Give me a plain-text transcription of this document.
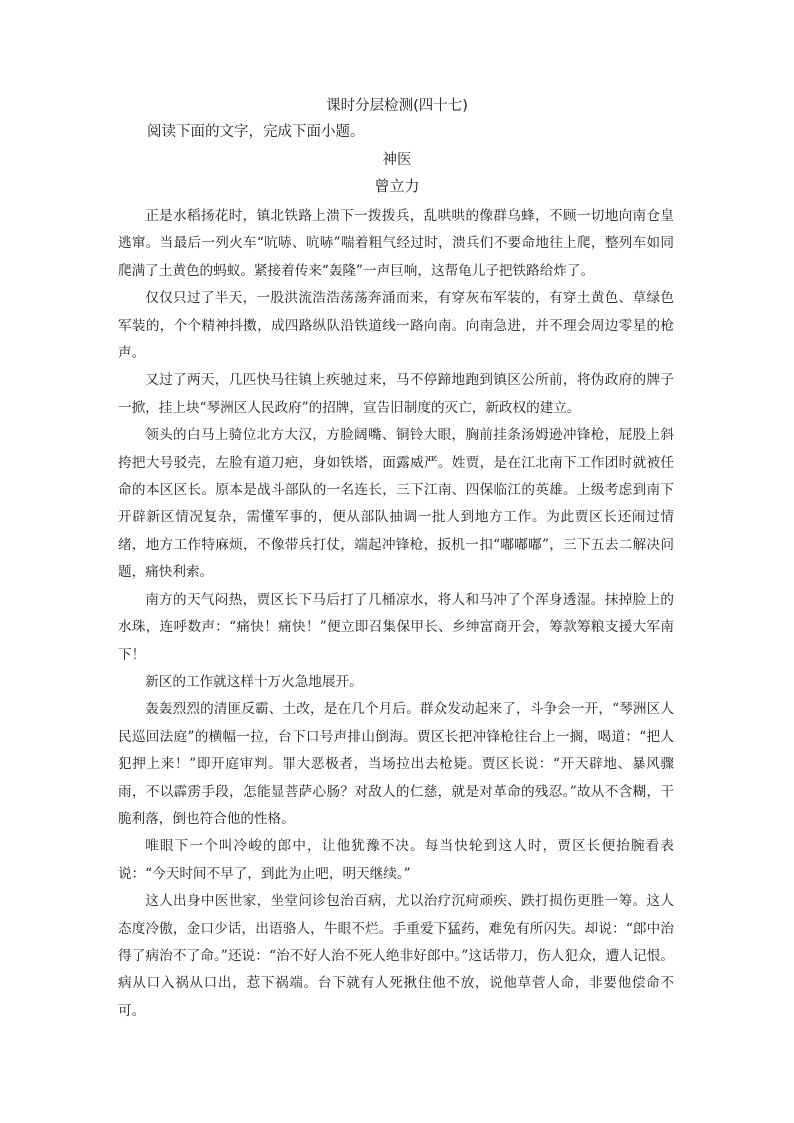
课时分层检测(四十七)
阅读下面的文字，完成下面小题。
神医
曾立力

正是水稻扬花时，镇北铁路上溃下一拨拨兵，乱哄哄的像群乌蜂，不顾一切地向南仓皇逃窜。当最后一列火车“吭哧、吭哧”喘着粗气经过时，溃兵们不要命地往上爬，整列车如同爬满了土黄色的蚂蚁。紧接着传来“轰隆”一声巨响，这帮龟儿子把铁路给炸了。

仅仅只过了半天，一股洪流浩浩荡荡奔涌而来，有穿灰布军装的，有穿土黄色、草绿色军装的，个个精神抖擞，成四路纵队沿铁道线一路向南。向南急进，并不理会周边零星的枪声。

又过了两天，几匹快马往镇上疾驰过来，马不停蹄地跑到镇区公所前，将伪政府的牌子一掀，挂上块“琴洲区人民政府”的招牌，宣告旧制度的灭亡，新政权的建立。

领头的白马上骑位北方大汉，方脸阔嘴、铜铃大眼，胸前挂条汤姆逊冲锋枪，屁股上斜挎把大号驳壳，左脸有道刀疤，身如铁塔，面露威严。姓贾，是在江北南下工作团时就被任命的本区区长。原本是战斗部队的一名连长，三下江南、四保临江的英雄。上级考虑到南下开辟新区情况复杂，需懂军事的，便从部队抽调一批人到地方工作。为此贾区长还闹过情绪，地方工作特麻烦，不像带兵打仗，端起冲锋枪，扳机一扣“嘟嘟嘟”，三下五去二解决问题，痛快利索。

南方的天气闷热，贾区长下马后打了几桶凉水，将人和马冲了个浑身透湿。抹掉脸上的水珠，连呼数声：“痛快！痛快！”便立即召集保甲长、乡绅富商开会，筹款筹粮支援大军南下！

新区的工作就这样十万火急地展开。

轰轰烈烈的清匪反霸、土改，是在几个月后。群众发动起来了，斗争会一开，“琴洲区人民巡回法庭”的横幅一拉，台下口号声排山倒海。贾区长把冲锋枪往台上一搁，喝道：“把人犯押上来！”即开庭审判。罪大恶极者，当场拉出去枪毙。贾区长说：“开天辟地、暴风骤雨，不以霹雳手段，怎能显菩萨心肠？对敌人的仁慈，就是对革命的残忍。”故从不含糊，干脆利落，倒也符合他的性格。

唯眼下一个叫冷峻的郎中，让他犹豫不决。每当快轮到这人时，贾区长便抬腕看表说：“今天时间不早了，到此为止吧，明天继续。”

这人出身中医世家，坐堂问诊包治百病，尤以治疗沉疴顽疾、跌打损伤更胜一筹。这人态度冷傲，金口少话，出语骆人，牛眼不烂。手重爱下猛药，难免有所闪失。却说：“郎中治得了病治不了命。”还说：“治不好人治不死人绝非好郎中。”这话带刀，伤人犯众，遭人记恨。病从口入祸从口出，惹下祸端。台下就有人死揪住他不放，说他草菅人命，非要他偿命不可。
